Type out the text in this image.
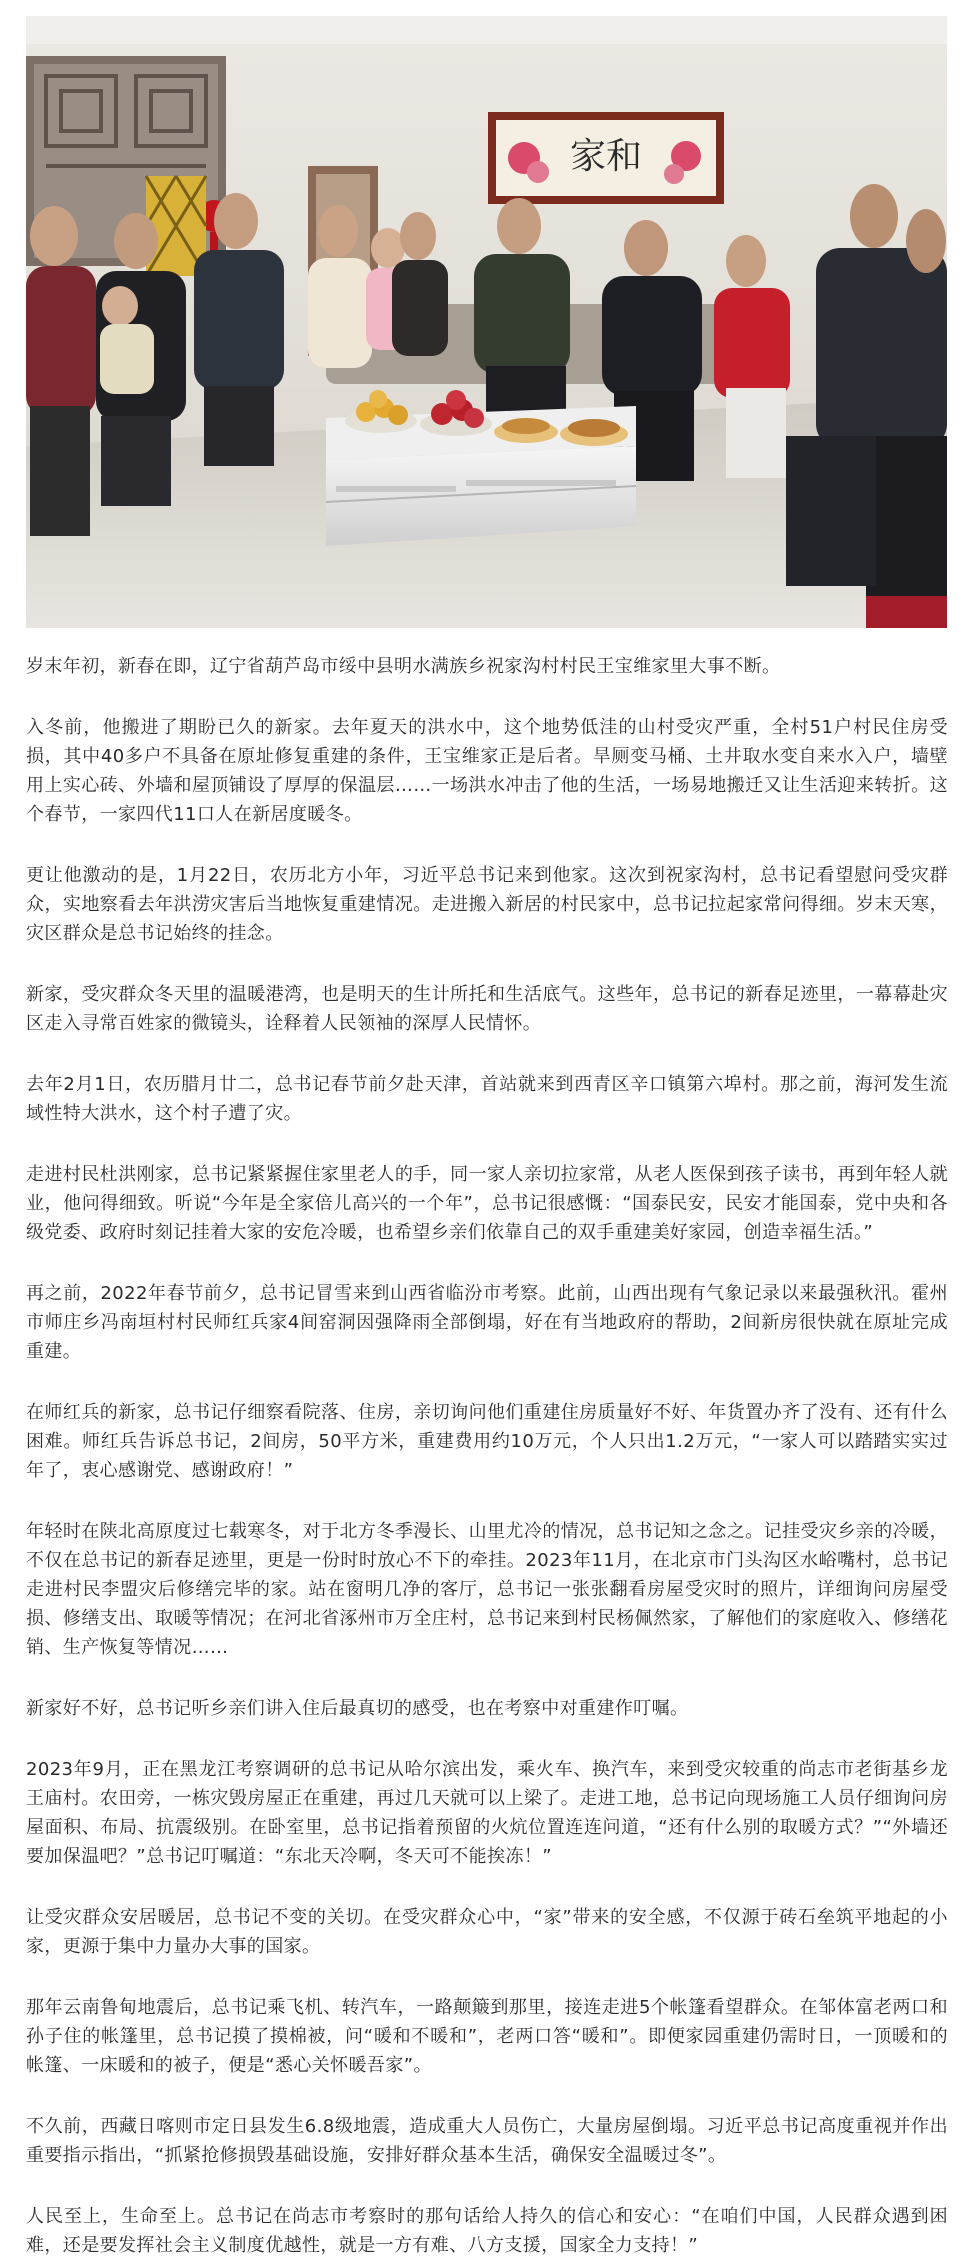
家和

岁末年初，新春在即，辽宁省葫芦岛市绥中县明水满族乡祝家沟村村民王宝维家里大事不断。

入冬前，他搬进了期盼已久的新家。去年夏天的洪水中，这个地势低洼的山村受灾严重，全村51户村民住房受损，其中40多户不具备在原址修复重建的条件，王宝维家正是后者。旱厕变马桶、土井取水变自来水入户，墙壁用上实心砖、外墙和屋顶铺设了厚厚的保温层……一场洪水冲击了他的生活，一场易地搬迁又让生活迎来转折。这个春节，一家四代11口人在新居度暖冬。

更让他激动的是，1月22日，农历北方小年，习近平总书记来到他家。这次到祝家沟村，总书记看望慰问受灾群众，实地察看去年洪涝灾害后当地恢复重建情况。走进搬入新居的村民家中，总书记拉起家常问得细。岁末天寒，灾区群众是总书记始终的挂念。

新家，受灾群众冬天里的温暖港湾，也是明天的生计所托和生活底气。这些年，总书记的新春足迹里，一幕幕赴灾区走入寻常百姓家的微镜头，诠释着人民领袖的深厚人民情怀。

去年2月1日，农历腊月廿二，总书记春节前夕赴天津，首站就来到西青区辛口镇第六埠村。那之前，海河发生流域性特大洪水，这个村子遭了灾。

走进村民杜洪刚家，总书记紧紧握住家里老人的手，同一家人亲切拉家常，从老人医保到孩子读书，再到年轻人就业，他问得细致。听说“今年是全家倍儿高兴的一个年”，总书记很感慨：“国泰民安，民安才能国泰，党中央和各级党委、政府时刻记挂着大家的安危冷暖，也希望乡亲们依靠自己的双手重建美好家园，创造幸福生活。”

再之前，2022年春节前夕，总书记冒雪来到山西省临汾市考察。此前，山西出现有气象记录以来最强秋汛。霍州市师庄乡冯南垣村村民师红兵家4间窑洞因强降雨全部倒塌，好在有当地政府的帮助，2间新房很快就在原址完成重建。

在师红兵的新家，总书记仔细察看院落、住房，亲切询问他们重建住房质量好不好、年货置办齐了没有、还有什么困难。师红兵告诉总书记，2间房，50平方米，重建费用约10万元，个人只出1.2万元，“一家人可以踏踏实实过年了，衷心感谢党、感谢政府！”

年轻时在陕北高原度过七载寒冬，对于北方冬季漫长、山里尤冷的情况，总书记知之念之。记挂受灾乡亲的冷暖，不仅在总书记的新春足迹里，更是一份时时放心不下的牵挂。2023年11月，在北京市门头沟区水峪嘴村，总书记走进村民李盟灾后修缮完毕的家。站在窗明几净的客厅，总书记一张张翻看房屋受灾时的照片，详细询问房屋受损、修缮支出、取暖等情况；在河北省涿州市万全庄村，总书记来到村民杨佩然家，了解他们的家庭收入、修缮花销、生产恢复等情况……

新家好不好，总书记听乡亲们讲入住后最真切的感受，也在考察中对重建作叮嘱。

2023年9月，正在黑龙江考察调研的总书记从哈尔滨出发，乘火车、换汽车，来到受灾较重的尚志市老街基乡龙王庙村。农田旁，一栋灾毁房屋正在重建，再过几天就可以上梁了。走进工地，总书记向现场施工人员仔细询问房屋面积、布局、抗震级别。在卧室里，总书记指着预留的火炕位置连连问道，“还有什么别的取暖方式？”“外墙还要加保温吧？”总书记叮嘱道：“东北天冷啊，冬天可不能挨冻！”

让受灾群众安居暖居，总书记不变的关切。在受灾群众心中，“家”带来的安全感，不仅源于砖石垒筑平地起的小家，更源于集中力量办大事的国家。

那年云南鲁甸地震后，总书记乘飞机、转汽车，一路颠簸到那里，接连走进5个帐篷看望群众。在邹体富老两口和孙子住的帐篷里，总书记摸了摸棉被，问“暖和不暖和”，老两口答“暖和”。即便家园重建仍需时日，一顶暖和的帐篷、一床暖和的被子，便是“悉心关怀暖吾家”。

不久前，西藏日喀则市定日县发生6.8级地震，造成重大人员伤亡，大量房屋倒塌。习近平总书记高度重视并作出重要指示指出，“抓紧抢修损毁基础设施，安排好群众基本生活，确保安全温暖过冬”。

人民至上，生命至上。总书记在尚志市考察时的那句话给人持久的信心和安心：“在咱们中国，人民群众遇到困难，还是要发挥社会主义制度优越性，就是一方有难、八方支援，国家全力支持！”
